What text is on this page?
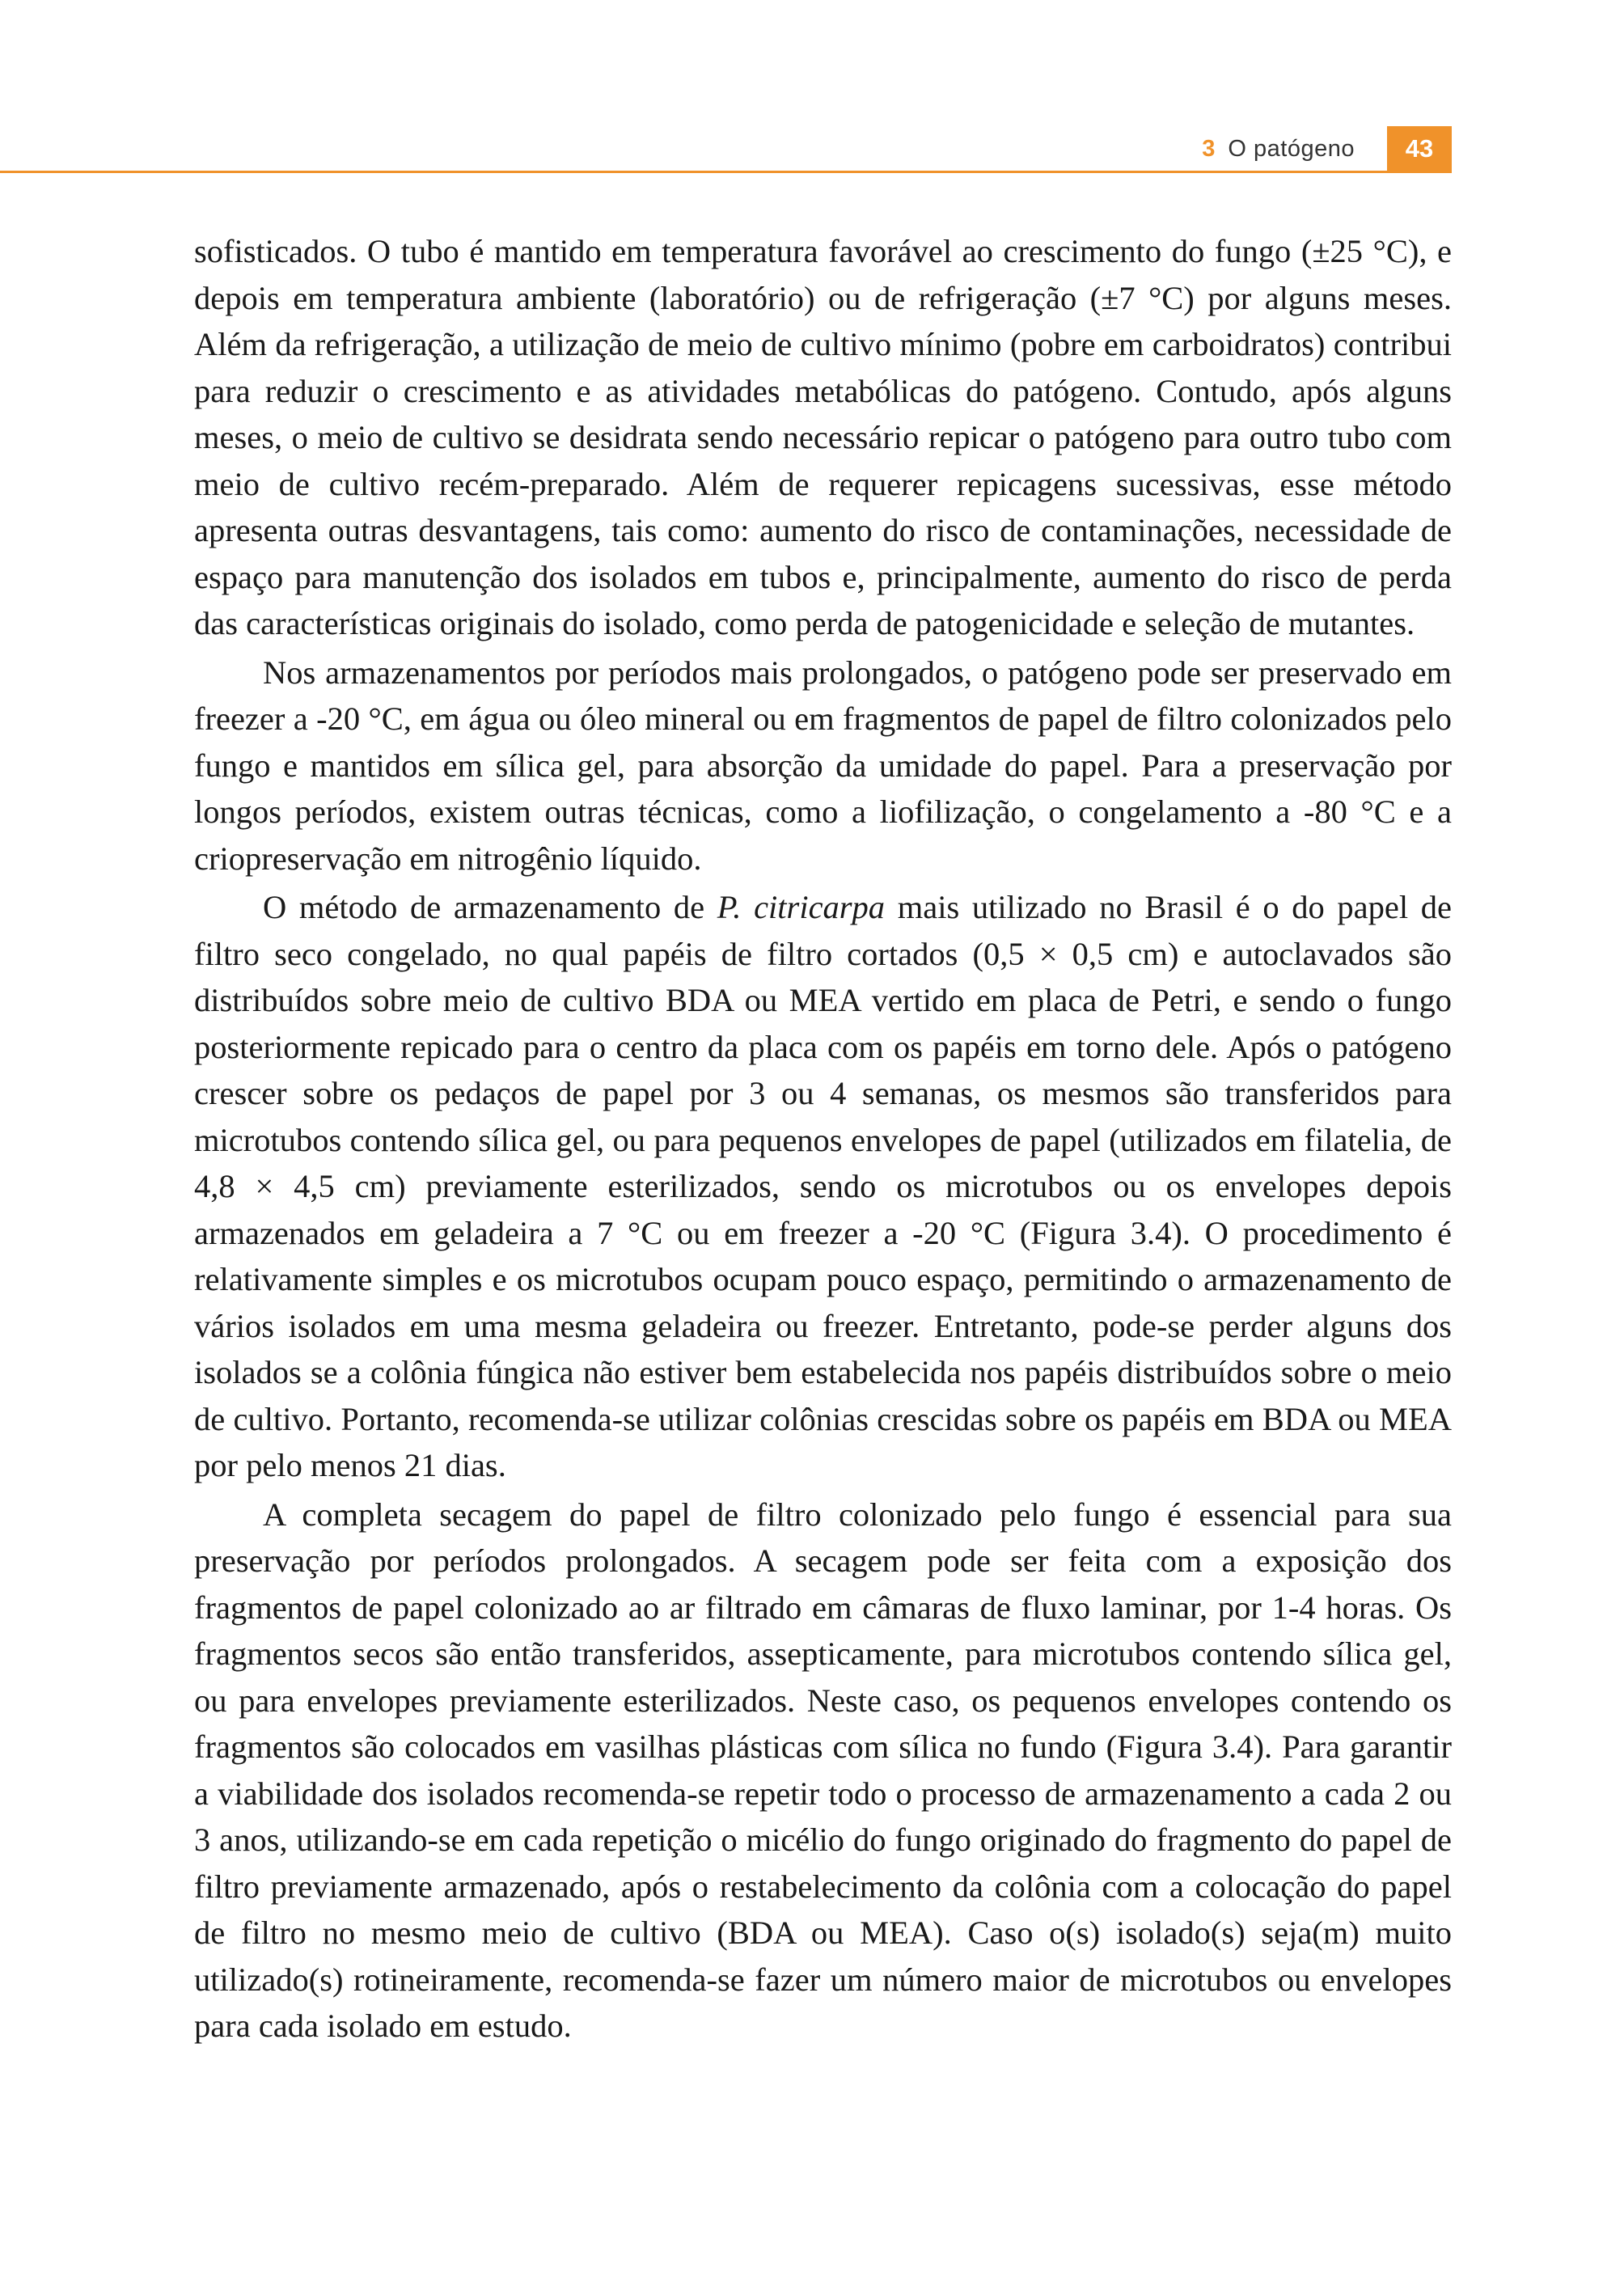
3 O patógeno	43

sofisticados. O tubo é mantido em temperatura favorável ao crescimento do fungo (±25 °C), e depois em temperatura ambiente (laboratório) ou de refrigeração (±7 °C) por alguns meses. Além da refrigeração, a utilização de meio de cultivo mínimo (pobre em carboidratos) contribui para reduzir o crescimento e as atividades metabólicas do patógeno. Contudo, após alguns meses, o meio de cultivo se desidrata sendo necessário repicar o patógeno para outro tubo com meio de cultivo recém-preparado. Além de requerer repicagens sucessivas, esse método apresenta outras desvantagens, tais como: aumento do risco de contaminações, necessidade de espaço para manutenção dos isolados em tubos e, principalmente, aumento do risco de perda das características originais do isolado, como perda de patogenicidade e seleção de mutantes.

Nos armazenamentos por períodos mais prolongados, o patógeno pode ser preservado em freezer a -20 °C, em água ou óleo mineral ou em fragmentos de papel de filtro colonizados pelo fungo e mantidos em sílica gel, para absorção da umidade do papel. Para a preservação por longos períodos, existem outras técnicas, como a liofilização, o congelamento a -80 °C e a criopreservação em nitrogênio líquido.

O método de armazenamento de P. citricarpa mais utilizado no Brasil é o do papel de filtro seco congelado, no qual papéis de filtro cortados (0,5 × 0,5 cm) e autoclavados são distribuídos sobre meio de cultivo BDA ou MEA vertido em placa de Petri, e sendo o fungo posteriormente repicado para o centro da placa com os papéis em torno dele. Após o patógeno crescer sobre os pedaços de papel por 3 ou 4 semanas, os mesmos são transferidos para microtubos contendo sílica gel, ou para pequenos envelopes de papel (utilizados em filatelia, de 4,8 × 4,5 cm) previamente esterilizados, sendo os microtubos ou os envelopes depois armazenados em geladeira a 7 °C ou em freezer a -20 °C (Figura 3.4). O procedimento é relativamente simples e os microtubos ocupam pouco espaço, permitindo o armazenamento de vários isolados em uma mesma geladeira ou freezer. Entretanto, pode-se perder alguns dos isolados se a colônia fúngica não estiver bem estabelecida nos papéis distribuídos sobre o meio de cultivo. Portanto, recomenda-se utilizar colônias crescidas sobre os papéis em BDA ou MEA por pelo menos 21 dias.

A completa secagem do papel de filtro colonizado pelo fungo é essencial para sua preservação por períodos prolongados. A secagem pode ser feita com a exposição dos fragmentos de papel colonizado ao ar filtrado em câmaras de fluxo laminar, por 1-4 horas. Os fragmentos secos são então transferidos, assepticamente, para microtubos contendo sílica gel, ou para envelopes previamente esterilizados. Neste caso, os pequenos envelopes contendo os fragmentos são colocados em vasilhas plásticas com sílica no fundo (Figura 3.4). Para garantir a viabilidade dos isolados recomenda-se repetir todo o processo de armazenamento a cada 2 ou 3 anos, utilizando-se em cada repetição o micélio do fungo originado do fragmento do papel de filtro previamente armazenado, após o restabelecimento da colônia com a colocação do papel de filtro no mesmo meio de cultivo (BDA ou MEA). Caso o(s) isolado(s) seja(m) muito utilizado(s) rotineiramente, recomenda-se fazer um número maior de microtubos ou envelopes para cada isolado em estudo.
